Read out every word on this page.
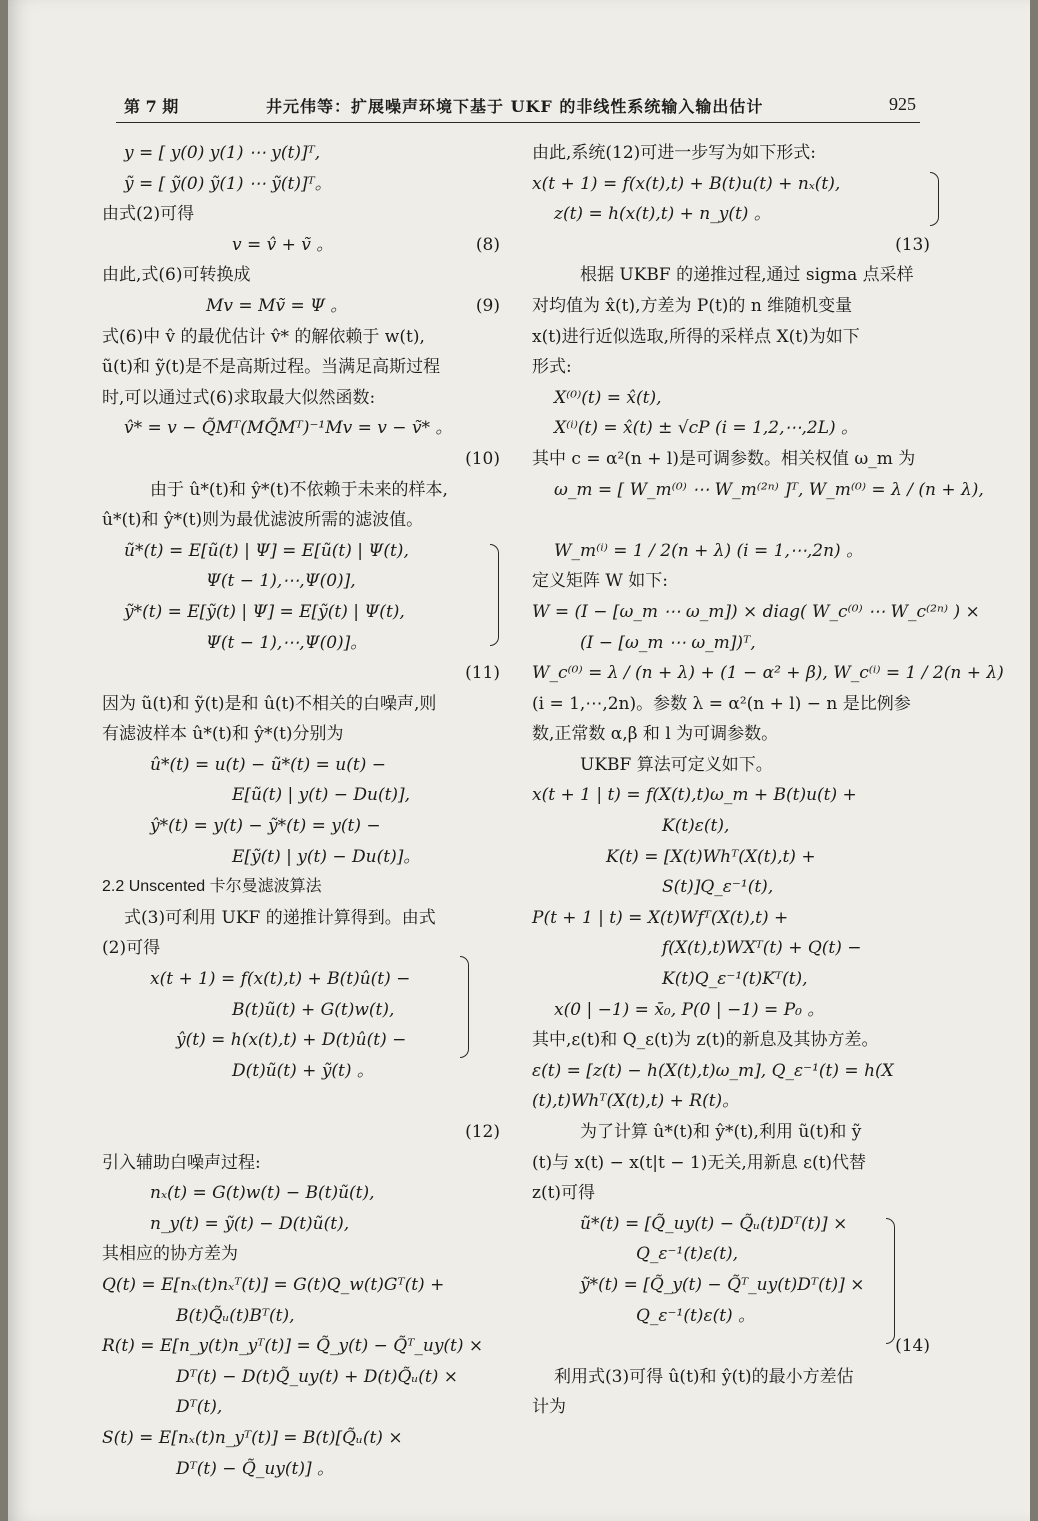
第 7 期	井元伟等：扩展噪声环境下基于 UKF 的非线性系统输入输出估计	925
y = [ y(0) y(1) ⋯ y(t)]ᵀ,
ỹ = [ ỹ(0) ỹ(1) ⋯ ỹ(t)]ᵀ。
由式(2)可得
v = v̂ + ṽ 。	(8)
由此,式(6)可转换成
Mv = Mṽ = Ψ 。	(9)
式(6)中 v̂ 的最优估计 v̂* 的解依赖于 w(t),
ũ(t)和 ỹ(t)是不是高斯过程。当满足高斯过程
时,可以通过式(6)求取最大似然函数:
v̂* = v − Q̃Mᵀ(MQ̃Mᵀ)⁻¹Mv = v − ṽ* 。
(10)
由于 û*(t)和 ŷ*(t)不依赖于未来的样本,
û*(t)和 ŷ*(t)则为最优滤波所需的滤波值。
ũ*(t) = E[ũ(t) | Ψ] = E[ũ(t) | Ψ(t),
Ψ(t − 1),⋯,Ψ(0)],
ỹ*(t) = E[ỹ(t) | Ψ] = E[ỹ(t) | Ψ(t),
Ψ(t − 1),⋯,Ψ(0)]。
(11)
因为 ũ(t)和 ỹ(t)是和 û(t)不相关的白噪声,则
有滤波样本 û*(t)和 ŷ*(t)分别为
û*(t) = u(t) − ũ*(t) = u(t) −
E[ũ(t) | y(t) − Du(t)],
ŷ*(t) = y(t) − ỹ*(t) = y(t) −
E[ỹ(t) | y(t) − Du(t)]。
2.2 Unscented 卡尔曼滤波算法
式(3)可利用 UKF 的递推计算得到。由式
(2)可得
x(t + 1) = f(x(t),t) + B(t)û(t) −
B(t)ũ(t) + G(t)w(t),
ŷ(t) = h(x(t),t) + D(t)û(t) −
D(t)ũ(t) + ỹ(t) 。
(12)
引入辅助白噪声过程:
nₓ(t) = G(t)w(t) − B(t)ũ(t),
n_y(t) = ỹ(t) − D(t)ũ(t),
其相应的协方差为
Q(t) = E[nₓ(t)nₓᵀ(t)] = G(t)Q_w(t)Gᵀ(t) +
B(t)Q̃ᵤ(t)Bᵀ(t),
R(t) = E[n_y(t)n_yᵀ(t)] = Q̃_y(t) − Q̃ᵀ_uy(t) ×
Dᵀ(t) − D(t)Q̃_uy(t) + D(t)Q̃ᵤ(t) ×
Dᵀ(t),
S(t) = E[nₓ(t)n_yᵀ(t)] = B(t)[Q̃ᵤ(t) ×
Dᵀ(t) − Q̃_uy(t)] 。
由此,系统(12)可进一步写为如下形式:
x(t + 1) = f(x(t),t) + B(t)u(t) + nₓ(t),
z(t) = h(x(t),t) + n_y(t) 。
(13)
根据 UKBF 的递推过程,通过 sigma 点采样
对均值为 x̂(t),方差为 P(t)的 n 维随机变量
x(t)进行近似选取,所得的采样点 X(t)为如下
形式:
X⁽⁰⁾(t) = x̂(t),
X⁽ⁱ⁾(t) = x̂(t) ± √cP (i = 1,2,⋯,2L) 。
其中 c = α²(n + l)是可调参数。相关权值 ω_m 为
ω_m = [ W_m⁽⁰⁾ ⋯ W_m⁽²ⁿ⁾ ]ᵀ, W_m⁽⁰⁾ = λ / (n + λ),
W_m⁽ⁱ⁾ = 1 / 2(n + λ) (i = 1,⋯,2n) 。
定义矩阵 W 如下:
W = (I − [ω_m ⋯ ω_m]) × diag( W_c⁽⁰⁾ ⋯ W_c⁽²ⁿ⁾ ) ×
(I − [ω_m ⋯ ω_m])ᵀ,
W_c⁽⁰⁾ = λ / (n + λ) + (1 − α² + β), W_c⁽ⁱ⁾ = 1 / 2(n + λ)
(i = 1,⋯,2n)。参数 λ = α²(n + l) − n 是比例参
数,正常数 α,β 和 l 为可调参数。
UKBF 算法可定义如下。
x(t + 1 | t) = f(X(t),t)ω_m + B(t)u(t) +
K(t)ε(t),
K(t) = [X(t)Whᵀ(X(t),t) +
S(t)]Q_ε⁻¹(t),
P(t + 1 | t) = X(t)Wfᵀ(X(t),t) +
f(X(t),t)WXᵀ(t) + Q(t) −
K(t)Q_ε⁻¹(t)Kᵀ(t),
x(0 | −1) = x̄₀, P(0 | −1) = P₀ 。
其中,ε(t)和 Q_ε(t)为 z(t)的新息及其协方差。
ε(t) = [z(t) − h(X(t),t)ω_m], Q_ε⁻¹(t) = h(X
(t),t)Whᵀ(X(t),t) + R(t)。
为了计算 û*(t)和 ŷ*(t),利用 ũ(t)和 ỹ
(t)与 x(t) − x(t|t − 1)无关,用新息 ε(t)代替
z(t)可得
ũ*(t) = [Q̃_uy(t) − Q̃ᵤ(t)Dᵀ(t)] ×
Q_ε⁻¹(t)ε(t),
ỹ*(t) = [Q̃_y(t) − Q̃ᵀ_uy(t)Dᵀ(t)] ×
Q_ε⁻¹(t)ε(t) 。
(14)
利用式(3)可得 û(t)和 ŷ(t)的最小方差估
计为
